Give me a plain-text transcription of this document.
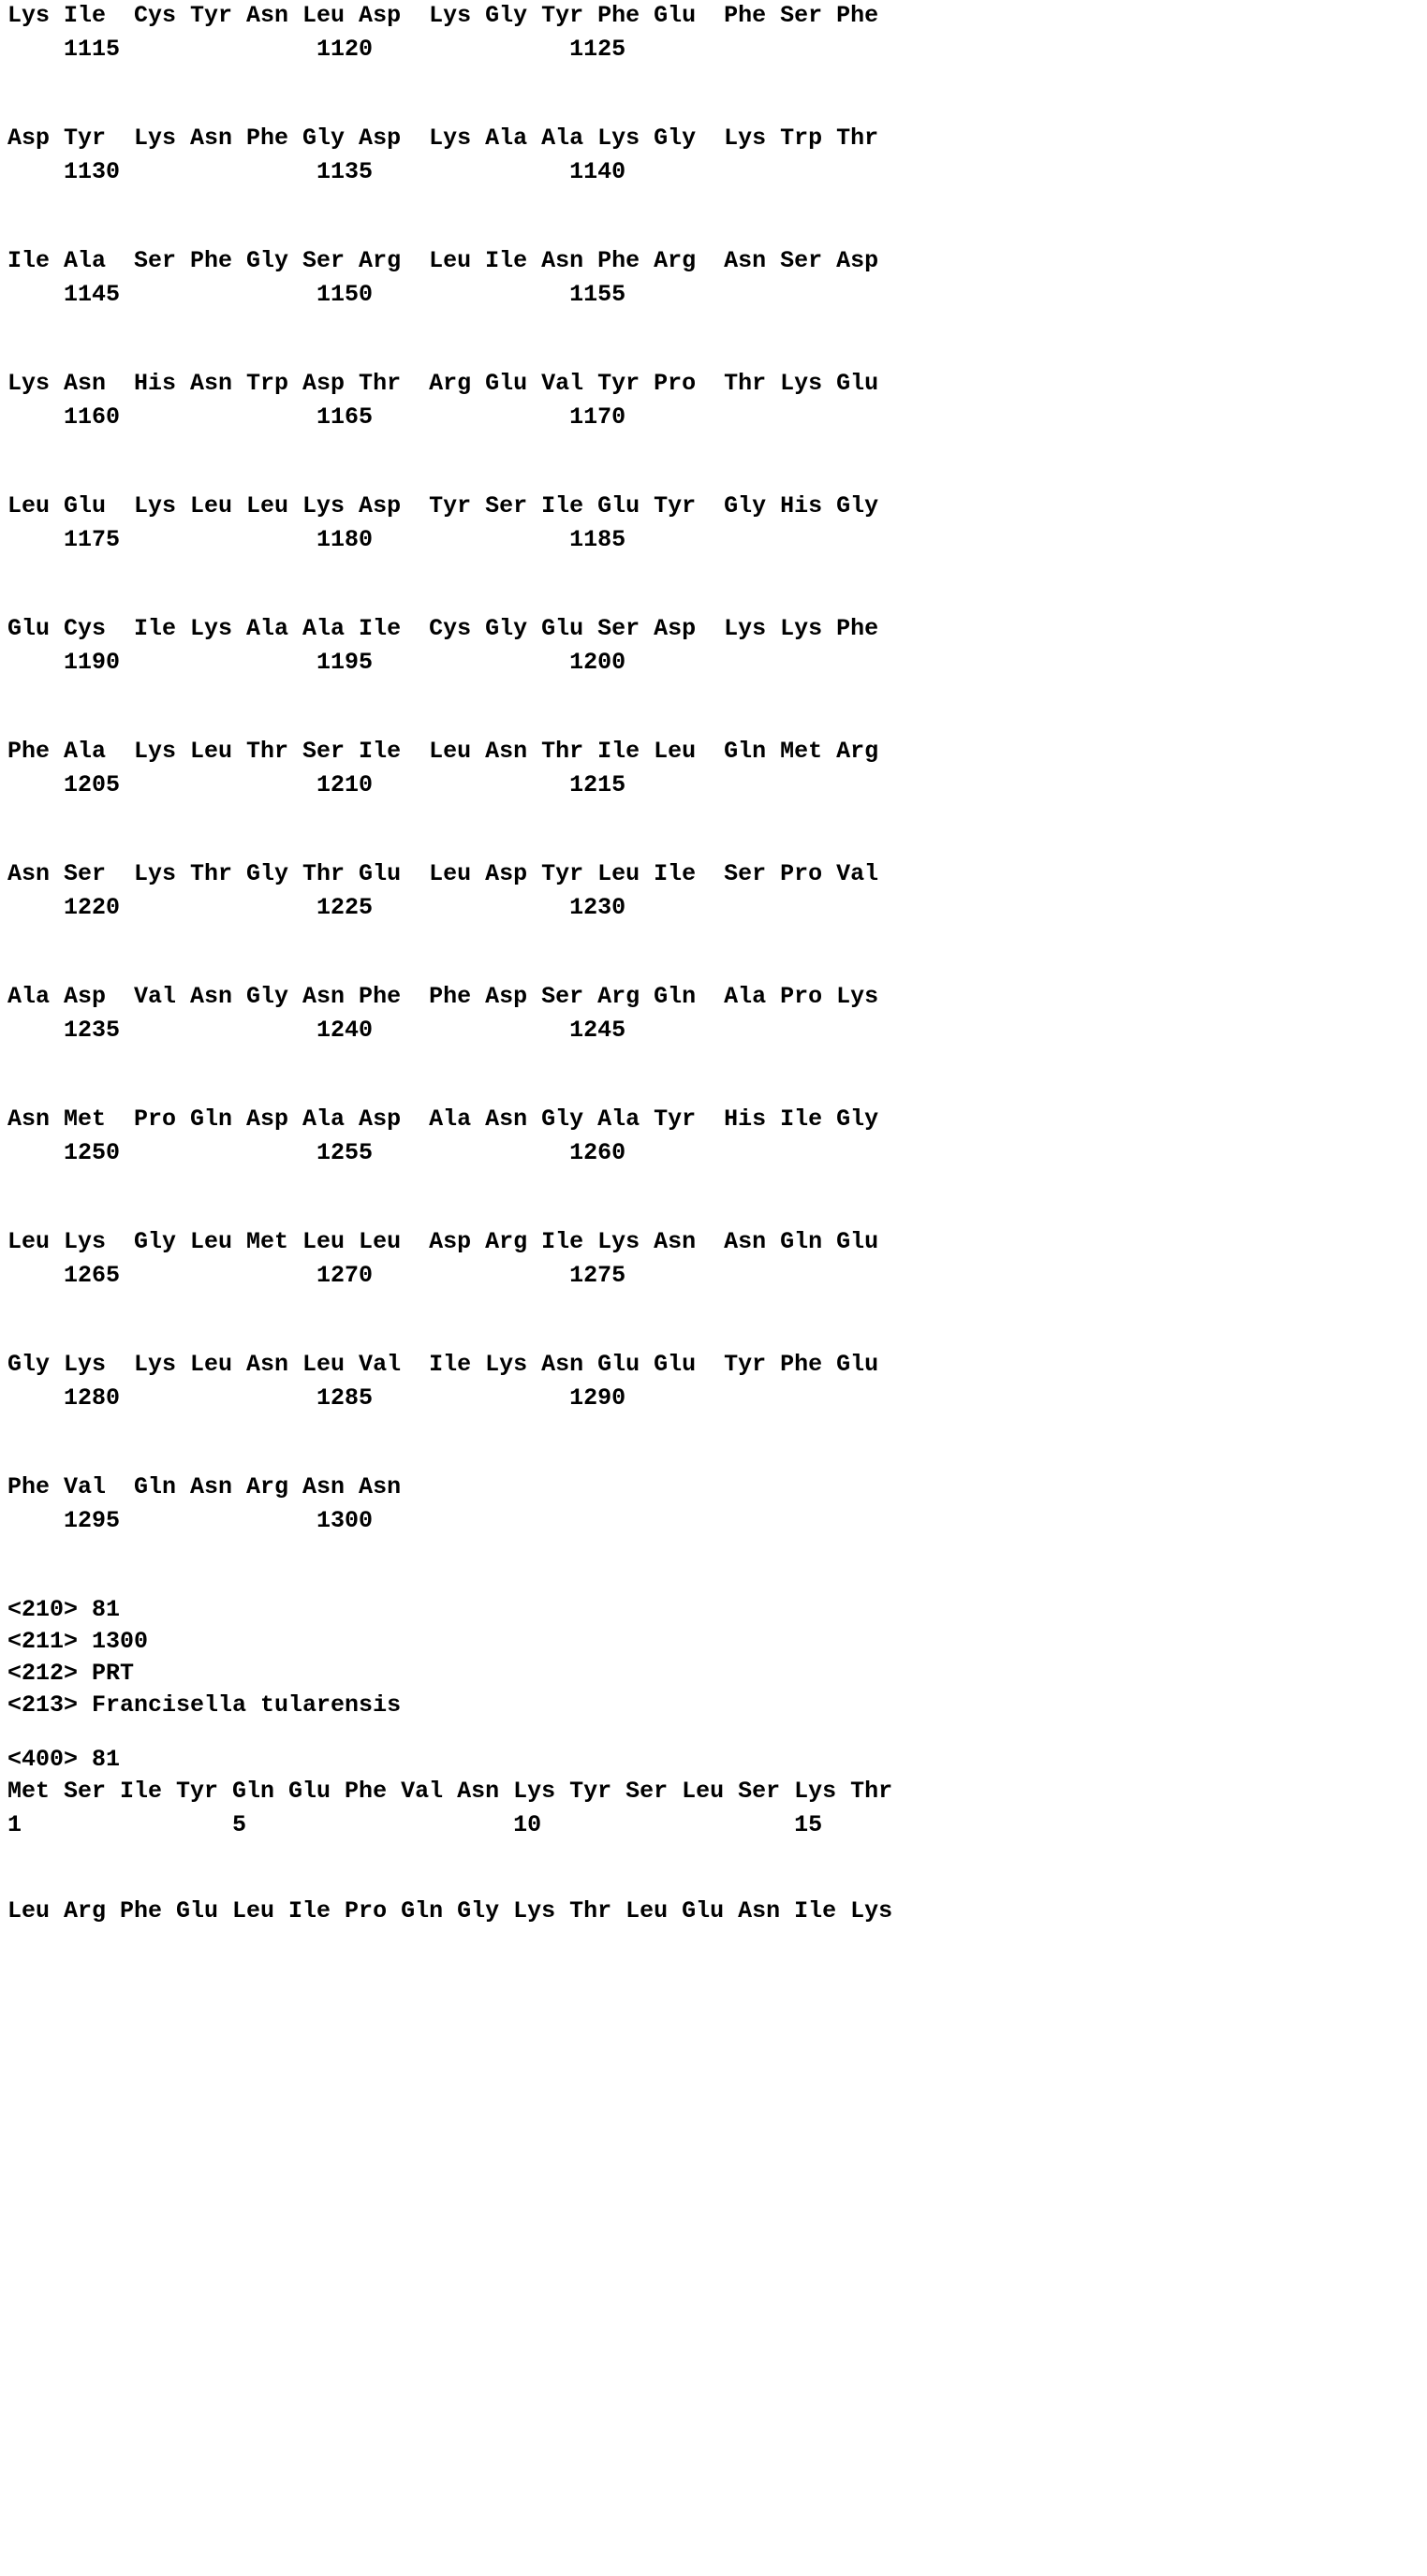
Lys Ile  Cys Tyr Asn Leu Asp  Lys Gly Tyr Phe Glu  Phe Ser Phe
1115              1120              1125
Asp Tyr  Lys Asn Phe Gly Asp  Lys Ala Ala Lys Gly  Lys Trp Thr
1130              1135              1140
Ile Ala  Ser Phe Gly Ser Arg  Leu Ile Asn Phe Arg  Asn Ser Asp
1145              1150              1155
Lys Asn  His Asn Trp Asp Thr  Arg Glu Val Tyr Pro  Thr Lys Glu
1160              1165              1170
Leu Glu  Lys Leu Leu Lys Asp  Tyr Ser Ile Glu Tyr  Gly His Gly
1175              1180              1185
Glu Cys  Ile Lys Ala Ala Ile  Cys Gly Glu Ser Asp  Lys Lys Phe
1190              1195              1200
Phe Ala  Lys Leu Thr Ser Ile  Leu Asn Thr Ile Leu  Gln Met Arg
1205              1210              1215
Asn Ser  Lys Thr Gly Thr Glu  Leu Asp Tyr Leu Ile  Ser Pro Val
1220              1225              1230
Ala Asp  Val Asn Gly Asn Phe  Phe Asp Ser Arg Gln  Ala Pro Lys
1235              1240              1245
Asn Met  Pro Gln Asp Ala Asp  Ala Asn Gly Ala Tyr  His Ile Gly
1250              1255              1260
Leu Lys  Gly Leu Met Leu Leu  Asp Arg Ile Lys Asn  Asn Gln Glu
1265              1270              1275
Gly Lys  Lys Leu Asn Leu Val  Ile Lys Asn Glu Glu  Tyr Phe Glu
1280              1285              1290
Phe Val  Gln Asn Arg Asn Asn
1295              1300
<210> 81
<211> 1300
<212> PRT
<213> Francisella tularensis
<400> 81
Met Ser Ile Tyr Gln Glu Phe Val Asn Lys Tyr Ser Leu Ser Lys Thr
1               5                   10                  15
Leu Arg Phe Glu Leu Ile Pro Gln Gly Lys Thr Leu Glu Asn Ile Lys
